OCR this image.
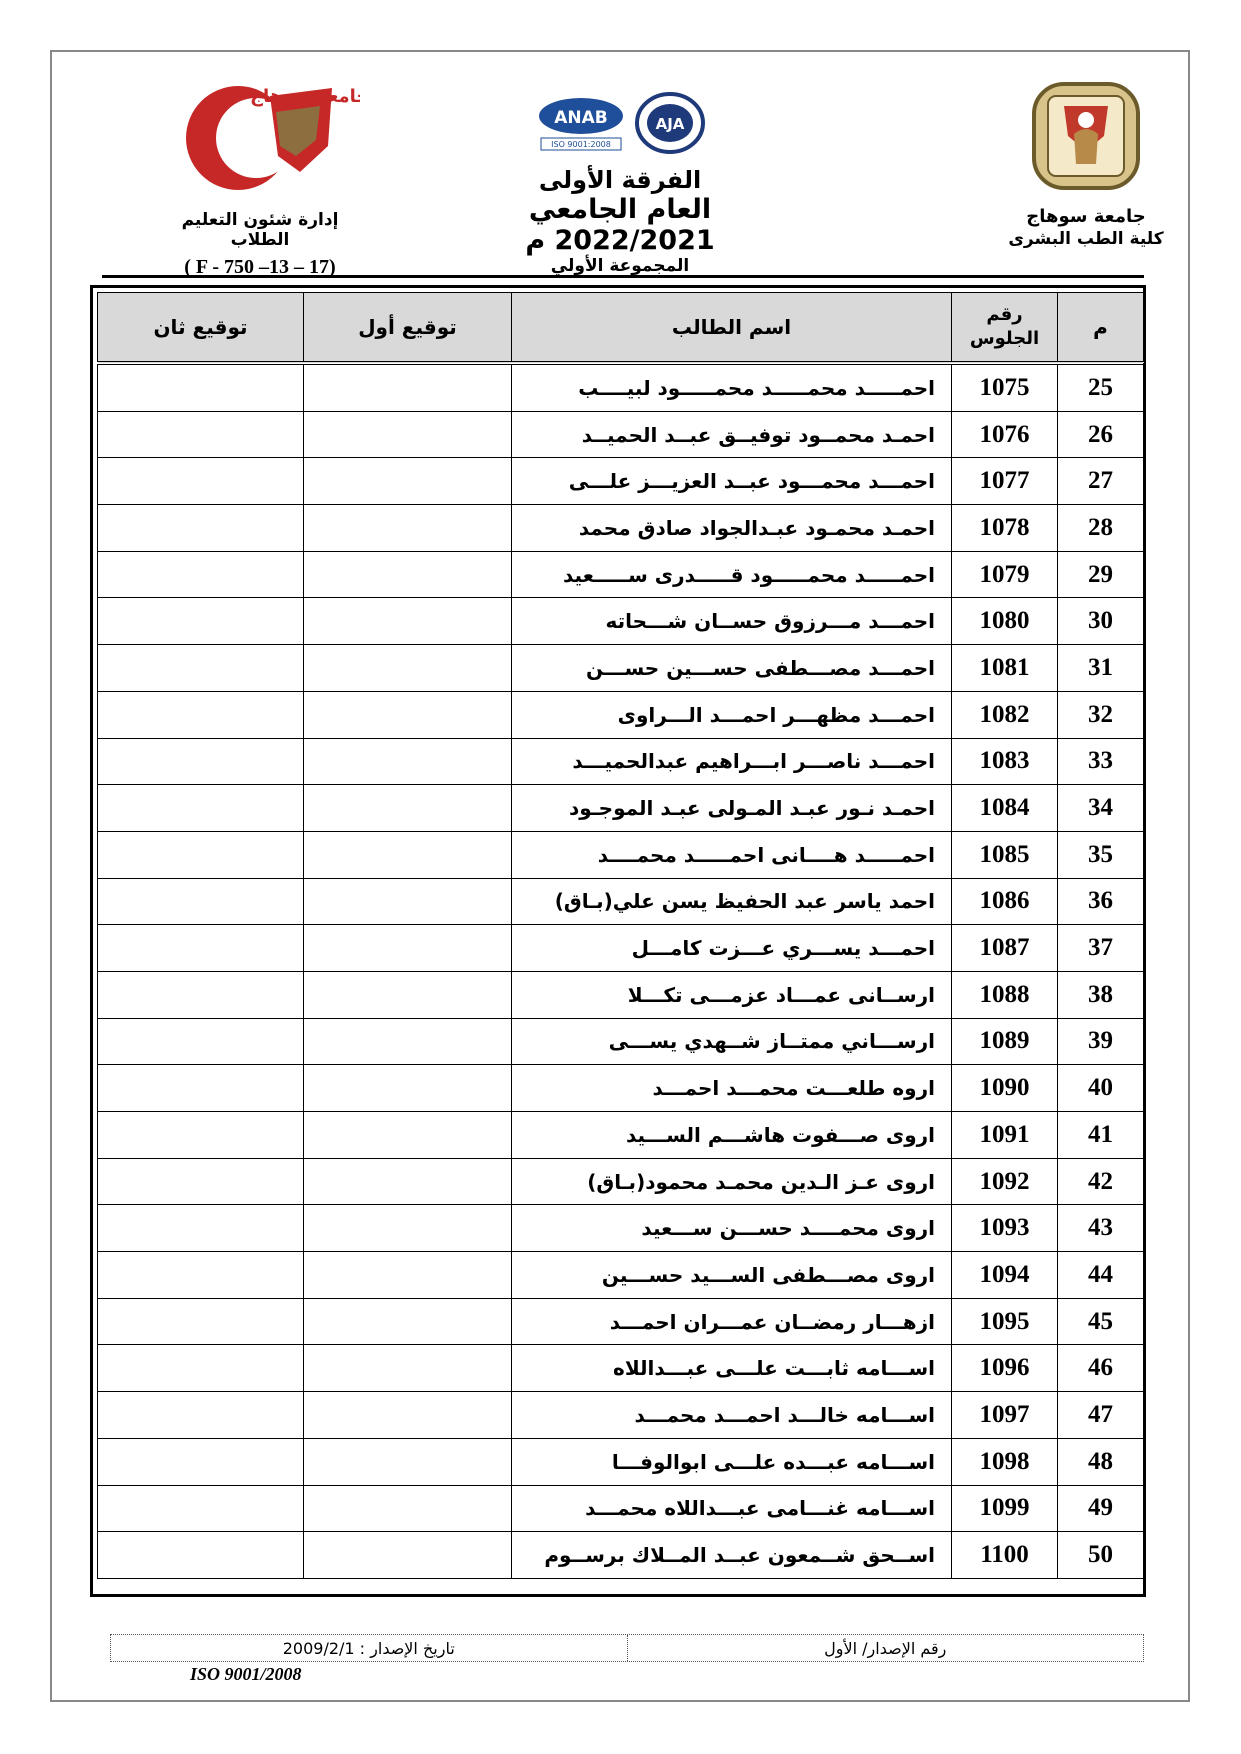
جامعة سوهاج
كلية الطب البشرى
ANAB
ISO 9001:2008
AJA
الفرقة الأولى
العام الجامعي 2022/2021 م
المجموعة الأولي
جامعة سوهاج
إدارة شئون التعليم الطلاب
( F - 750 –13 – 17)
م	رقم الجلوس	اسم الطالب	توقيع أول	توقيع ثان
25	1075	احمـــــد محمـــــد محمـــــود لبيــــب		
26	1076	احمـد محمــود توفيــق عبــد الحميــد		
27	1077	احمـــد محمـــود عبــد العزيـــز علـــى		
28	1078	احمـد محمـود عبـدالجواد صادق محمد		
29	1079	احمـــــد محمـــــود قـــــدرى ســـــعيد		
30	1080	احمـــد مـــرزوق حســان شـــحاته		
31	1081	احمـــد مصـــطفى حســـين حســـن		
32	1082	احمـــد مظهـــر احمـــد الـــراوى		
33	1083	احمـــد ناصـــر ابـــراهيم عبدالحميـــد		
34	1084	احمـد نـور عبـد المـولى عبـد الموجـود		
35	1085	احمـــــد هــــانى احمـــــد محمــــد		
36	1086	احمد ياسر عبد الحفيظ يسن علي(بـاق)		
37	1087	احمـــد يســـري عـــزت كامـــل		
38	1088	ارســانى عمـــاد عزمـــى تكـــلا		
39	1089	ارســـاني ممتــاز شــهدي يســـى		
40	1090	اروه طلعـــت محمـــد احمـــد		
41	1091	اروى صـــفوت هاشـــم الســـيد		
42	1092	اروى عـز الـدين محمـد محمود(بـاق)		
43	1093	اروى محمــــد حســـن ســـعيد		
44	1094	اروى مصـــطفى الســـيد حســـين		
45	1095	ازهـــار رمضــان عمـــران احمـــد		
46	1096	اســـامه ثابـــت علـــى عبـــداللاه		
47	1097	اســـامه خالـــد احمـــد محمـــد		
48	1098	اســـامه عبـــده علـــى ابوالوفـــا		
49	1099	اســـامه غنـــامى عبـــداللاه محمـــد		
50	1100	اســحق شــمعون عبــد المــلاك برســوم		
رقم الإصدار/ الأول
تاريخ الإصدار : 2009/2/1
ISO 9001/2008
